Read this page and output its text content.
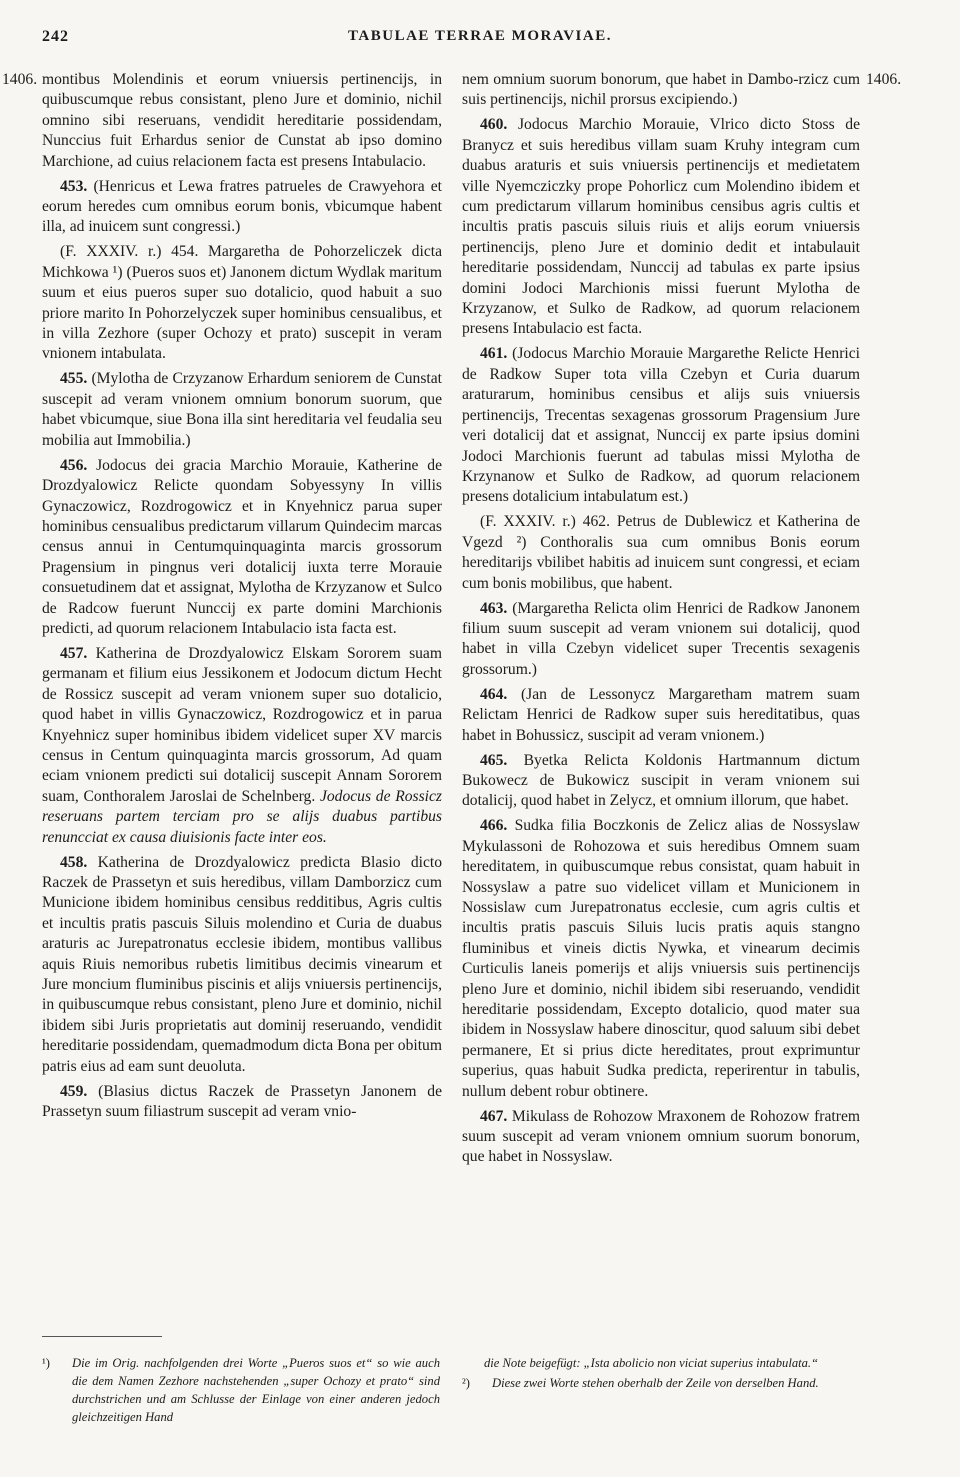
242	TABULAE TERRAE MORAVIAE.
1406.	1406.

montibus Molendinis et eorum vniuersis pertinencijs, in quibuscumque rebus consistant, pleno Jure et dominio, nichil omnino sibi reseruans, vendidit hereditarie possidendam, Nunccius fuit Erhardus senior de Cunstat ab ipso domino Marchione, ad cuius relacionem facta est presens Intabulacio.

453. (Henricus et Lewa fratres patrueles de Crawyehora et eorum heredes cum omnibus eorum bonis, vbicumque habent illa, ad inuicem sunt congressi.)

(F. XXXIV. r.) 454. Margaretha de Pohorzeliczek dicta Michkowa ¹) (Pueros suos et) Janonem dictum Wydlak maritum suum et eius pueros super suo dotalicio, quod habuit a suo priore marito In Pohorzelyczek super hominibus censualibus, et in villa Zezhore (super Ochozy et prato) suscepit in veram vnionem intabulata.

455. (Mylotha de Crzyzanow Erhardum seniorem de Cunstat suscepit ad veram vnionem omnium bonorum suorum, que habet vbicumque, siue Bona illa sint hereditaria vel feudalia seu mobilia aut Immobilia.)

456. Jodocus dei gracia Marchio Morauie, Katherine de Drozdyalowicz Relicte quondam Sobyessyny In villis Gynaczowicz, Rozdrogowicz et in Knyehnicz parua super hominibus censualibus predictarum villarum Quindecim marcas census annui in Centumquinquaginta marcis grossorum Pragensium in pingnus veri dotalicij iuxta terre Morauie consuetudinem dat et assignat, Mylotha de Krzyzanow et Sulco de Radcow fuerunt Nunccij ex parte domini Marchionis predicti, ad quorum relacionem Intabulacio ista facta est.

457. Katherina de Drozdyalowicz Elskam Sororem suam germanam et filium eius Jessikonem et Jodocum dictum Hecht de Rossicz suscepit ad veram vnionem super suo dotalicio, quod habet in villis Gynaczowicz, Rozdrogowicz et in parua Knyehnicz super hominibus ibidem videlicet super XV marcis census in Centum quinquaginta marcis grossorum, Ad quam eciam vnionem predicti sui dotalicij suscepit Annam Sororem suam, Conthoralem Jaroslai de Schelnberg. Jodocus de Rossicz reseruans partem terciam pro se alijs duabus partibus renuncciat ex causa diuisionis facte inter eos.

458. Katherina de Drozdyalowicz predicta Blasio dicto Raczek de Prassetyn et suis heredibus, villam Damborzicz cum Municione ibidem hominibus censibus redditibus, Agris cultis et incultis pratis pascuis Siluis molendino et Curia de duabus araturis ac Jurepatronatus ecclesie ibidem, montibus vallibus aquis Riuis nemoribus rubetis limitibus decimis vinearum et Jure moncium fluminibus piscinis et alijs vniuersis pertinencijs, in quibuscumque rebus consistant, pleno Jure et dominio, nichil ibidem sibi Juris proprietatis aut dominij reseruando, vendidit hereditarie possidendam, quemadmodum dicta Bona per obitum patris eius ad eam sunt deuoluta.

459. (Blasius dictus Raczek de Prassetyn Janonem de Prassetyn suum filiastrum suscepit ad veram vnio-

nem omnium suorum bonorum, que habet in Dambo-rzicz cum suis pertinencijs, nichil prorsus excipiendo.)

460. Jodocus Marchio Morauie, Vlrico dicto Stoss de Branycz et suis heredibus villam suam Kruhy integram cum duabus araturis et suis vniuersis pertinencijs et medietatem ville Nyemcziczky prope Pohorlicz cum Molendino ibidem et cum predictarum villarum hominibus censibus agris cultis et incultis pratis pascuis siluis riuis et alijs eorum vniuersis pertinencijs, pleno Jure et dominio dedit et intabulauit hereditarie possidendam, Nunccij ad tabulas ex parte ipsius domini Jodoci Marchionis missi fuerunt Mylotha de Krzyzanow, et Sulko de Radkow, ad quorum relacionem presens Intabulacio est facta.

461. (Jodocus Marchio Morauie Margarethe Relicte Henrici de Radkow Super tota villa Czebyn et Curia duarum araturarum, hominibus censibus et alijs suis vniuersis pertinencijs, Trecentas sexagenas grossorum Pragensium Jure veri dotalicij dat et assignat, Nunccij ex parte ipsius domini Jodoci Marchionis fuerunt ad tabulas missi Mylotha de Krzynanow et Sulko de Radkow, ad quorum relacionem presens dotalicium intabulatum est.)

(F. XXXIV. r.) 462. Petrus de Dublewicz et Katherina de Vgezd ²) Conthoralis sua cum omnibus Bonis eorum hereditarijs vbilibet habitis ad inuicem sunt congressi, et eciam cum bonis mobilibus, que habent.

463. (Margaretha Relicta olim Henrici de Radkow Janonem filium suum suscepit ad veram vnionem sui dotalicij, quod habet in villa Czebyn videlicet super Trecentis sexagenis grossorum.)

464. (Jan de Lessonycz Margaretham matrem suam Relictam Henrici de Radkow super suis hereditatibus, quas habet in Bohussicz, suscipit ad veram vnionem.)

465. Byetka Relicta Koldonis Hartmannum dictum Bukowecz de Bukowicz suscipit in veram vnionem sui dotalicij, quod habet in Zelycz, et omnium illorum, que habet.

466. Sudka filia Boczkonis de Zelicz alias de Nossyslaw Mykulassoni de Rohozowa et suis heredibus Omnem suam hereditatem, in quibuscumque rebus consistat, quam habuit in Nossyslaw a patre suo videlicet villam et Municionem in Nossislaw cum Jurepatronatus ecclesie, cum agris cultis et incultis pratis pascuis Siluis lucis pratis aquis stangno fluminibus et vineis dictis Nywka, et vinearum decimis Curticulis laneis pomerijs et alijs vniuersis suis pertinencijs pleno Jure et dominio, nichil ibidem sibi reseruando, vendidit hereditarie possidendam, Excepto dotalicio, quod mater sua ibidem in Nossyslaw habere dinoscitur, quod saluum sibi debet permanere, Et si prius dicte hereditates, prout exprimuntur superius, quas habuit Sudka predicta, reperirentur in tabulis, nullum debent robur obtinere.

467. Mikulass de Rohozow Mraxonem de Rohozow fratrem suum suscepit ad veram vnionem omnium suorum bonorum, que habet in Nossyslaw.

¹)	Die im Orig. nachfolgenden drei Worte „Pueros suos et“ so wie auch die dem Namen Zezhore nachstehenden „super Ochozy et prato“ sind durchstrichen und am Schlusse der Einlage von einer anderen jedoch gleichzeitigen Hand
die Note beigefügt: „Ista abolicio non viciat superius intabulata.“
²)	Diese zwei Worte stehen oberhalb der Zeile von derselben Hand.
